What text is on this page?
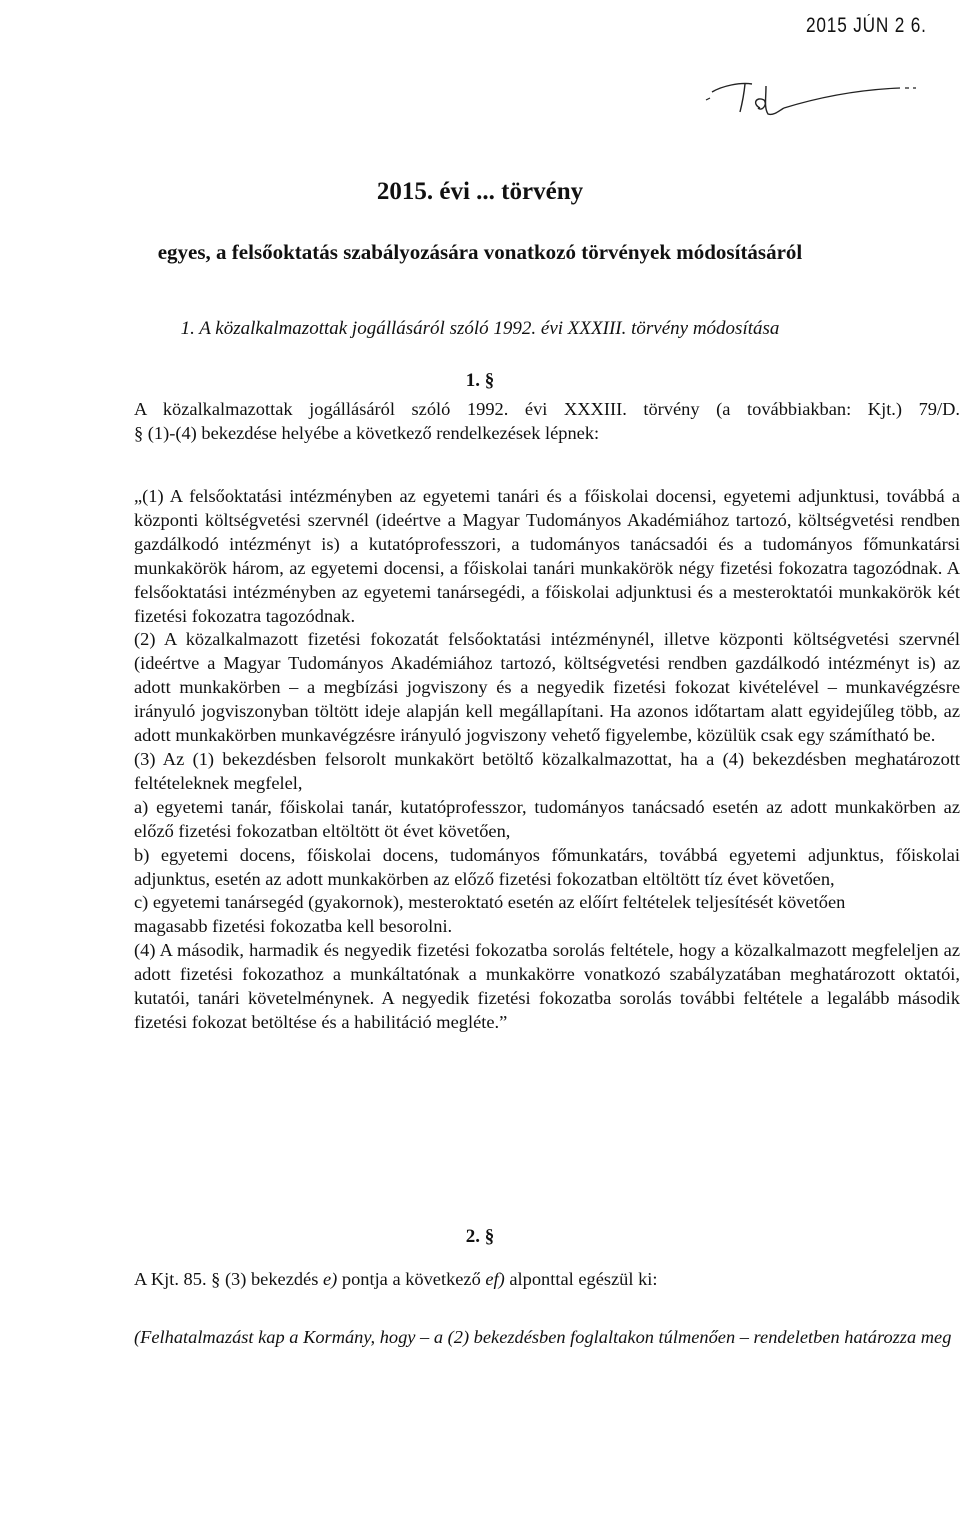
2015 JÚN 2 6.
2015. évi ... törvény
egyes, a felsőoktatás szabályozására vonatkozó törvények módosításáról
1. A közalkalmazottak jogállásáról szóló 1992. évi XXXIII. törvény módosítása
1. §

A közalkalmazottak jogállásáról szóló 1992. évi XXXIII. törvény (a továbbiakban: Kjt.) 79/D.

§ (1)-(4) bekezdése helyébe a következő rendelkezések lépnek:

„(1) A felsőoktatási intézményben az egyetemi tanári és a főiskolai docensi, egyetemi adjunktusi, továbbá a központi költségvetési szervnél (ideértve a Magyar Tudományos Akadémiához tartozó, költségvetési rendben gazdálkodó intézményt is) a kutatóprofesszori, a tudományos tanácsadói és a tudományos főmunkatársi munkakörök három, az egyetemi docensi, a főiskolai tanári munkakörök négy fizetési fokozatra tagozódnak. A felsőoktatási intézményben az egyetemi tanársegédi, a főiskolai adjunktusi és a mesteroktatói munkakörök két fizetési fokozatra tagozódnak.

(2) A közalkalmazott fizetési fokozatát felsőoktatási intézménynél, illetve központi költségvetési szervnél (ideértve a Magyar Tudományos Akadémiához tartozó, költségvetési rendben gazdálkodó intézményt is) az adott munkakörben – a megbízási jogviszony és a negyedik fizetési fokozat kivételével – munkavégzésre irányuló jogviszonyban töltött ideje alapján kell megállapítani. Ha azonos időtartam alatt egyidejűleg több, az adott munkakörben munkavégzésre irányuló jogviszony vehető figyelembe, közülük csak egy számítható be.

(3) Az (1) bekezdésben felsorolt munkakört betöltő közalkalmazottat, ha a (4) bekezdésben meghatározott feltételeknek megfelel,

a) egyetemi tanár, főiskolai tanár, kutatóprofesszor, tudományos tanácsadó esetén az adott munkakörben az előző fizetési fokozatban eltöltött öt évet követően,

b) egyetemi docens, főiskolai docens, tudományos főmunkatárs, továbbá egyetemi adjunktus, főiskolai adjunktus, esetén az adott munkakörben az előző fizetési fokozatban eltöltött tíz évet követően,

c) egyetemi tanársegéd (gyakornok), mesteroktató esetén az előírt feltételek teljesítését követően

magasabb fizetési fokozatba kell besorolni.

(4) A második, harmadik és negyedik fizetési fokozatba sorolás feltétele, hogy a közalkalmazott megfeleljen az adott fizetési fokozathoz a munkáltatónak a munkakörre vonatkozó szabályzatában meghatározott oktatói, kutatói, tanári követelménynek. A negyedik fizetési fokozatba sorolás további feltétele a legalább második fizetési fokozat betöltése és a habilitáció megléte.”

2. §
A Kjt. 85. § (3) bekezdés e) pontja a következő ef) alponttal egészül ki:
(Felhatalmazást kap a Kormány, hogy – a (2) bekezdésben foglaltakon túlmenően – rendeletben határozza meg
